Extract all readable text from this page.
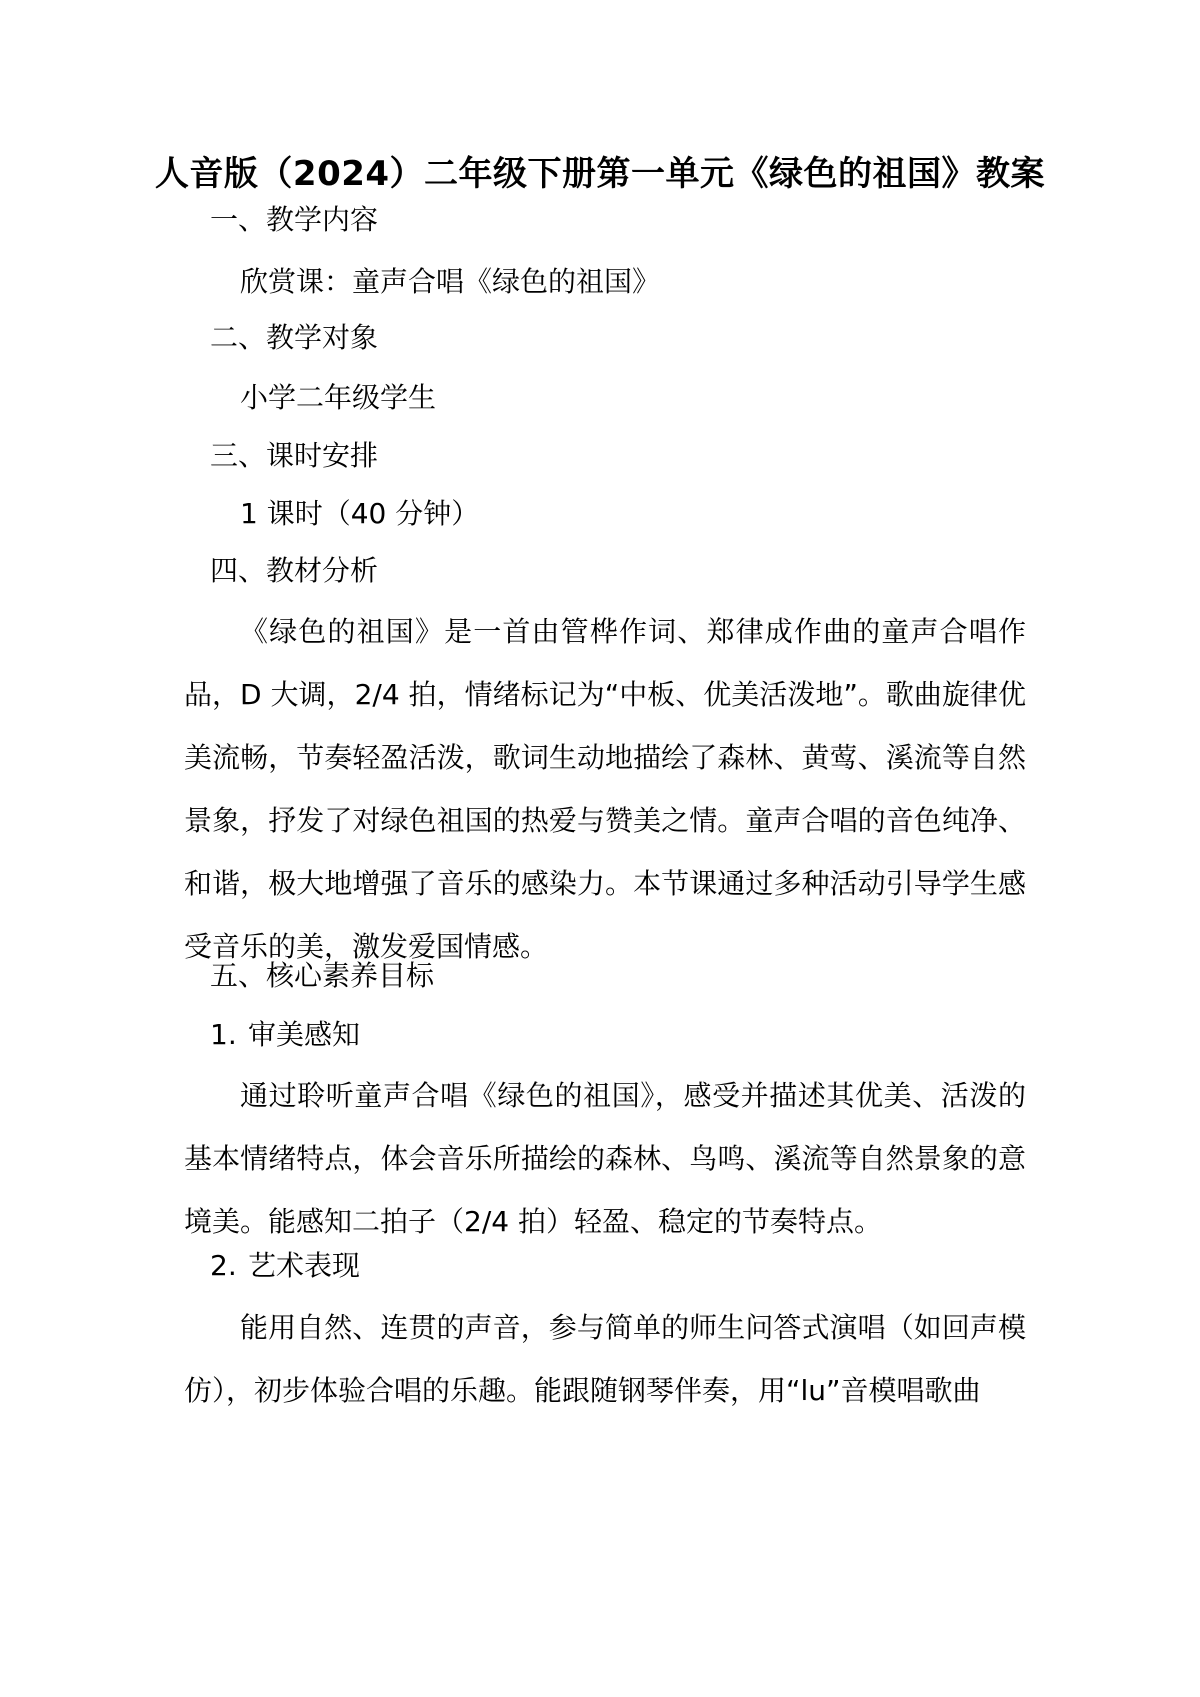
人音版（2024）二年级下册第一单元《绿色的祖国》教案
一、教学内容
欣赏课：童声合唱《绿色的祖国》
二、教学对象
小学二年级学生
三、课时安排
1 课时（40 分钟）
四、教材分析
《绿色的祖国》是一首由管桦作词、郑律成作曲的童声合唱作品，D 大调，2/4 拍，情绪标记为“中板、优美活泼地”。歌曲旋律优美流畅，节奏轻盈活泼，歌词生动地描绘了森林、黄莺、溪流等自然景象，抒发了对绿色祖国的热爱与赞美之情。童声合唱的音色纯净、和谐，极大地增强了音乐的感染力。本节课通过多种活动引导学生感受音乐的美，激发爱国情感。
五、核心素养目标
1. 审美感知
通过聆听童声合唱《绿色的祖国》，感受并描述其优美、活泼的基本情绪特点，体会音乐所描绘的森林、鸟鸣、溪流等自然景象的意境美。能感知二拍子（2/4 拍）轻盈、稳定的节奏特点。
2. 艺术表现
能用自然、连贯的声音，参与简单的师生问答式演唱（如回声模仿），初步体验合唱的乐趣。能跟随钢琴伴奏，用“lu”音模唱歌曲
